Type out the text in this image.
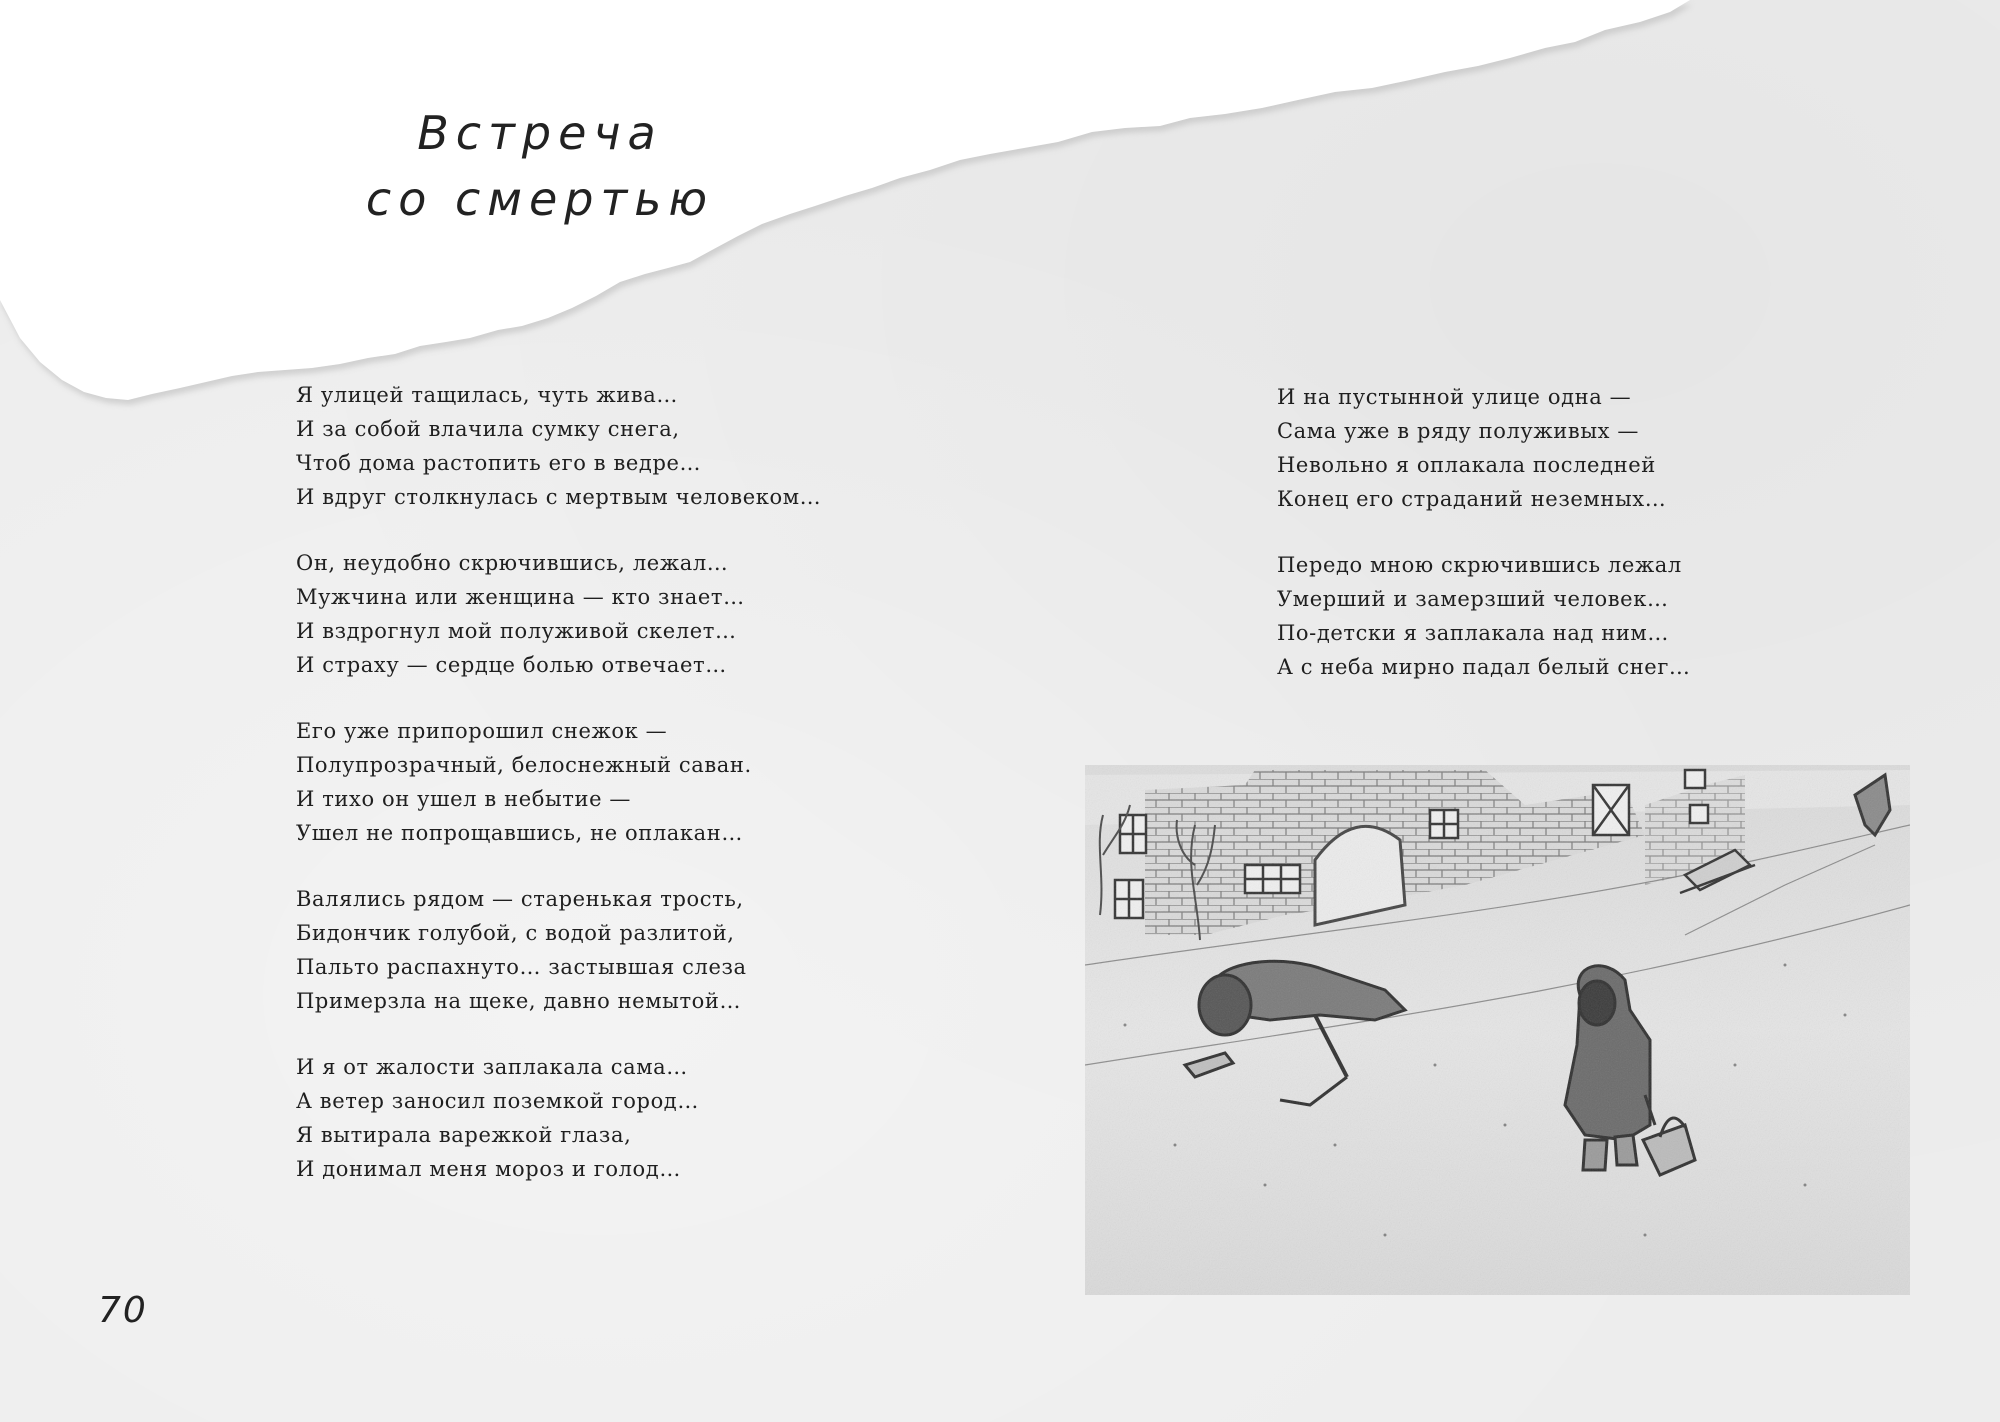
Встреча
со смертью
Я улицей тащилась, чуть жива…
И за собой влачила сумку снега,
Чтоб дома растопить его в ведре…
И вдруг столкнулась с мертвым человеком…
Он, неудобно скрючившись, лежал…
Мужчина или женщина — кто знает…
И вздрогнул мой полуживой скелет…
И страху — сердце болью отвечает…
Его уже припорошил снежок —
Полупрозрачный, белоснежный саван.
И тихо он ушел в небытие —
Ушел не попрощавшись, не оплакан…
Валялись рядом — старенькая трость,
Бидончик голубой, с водой разлитой,
Пальто распахнуто… застывшая слеза
Примерзла на щеке, давно немытой…
И я от жалости заплакала сама…
А ветер заносил поземкой город…
Я вытирала варежкой глаза,
И донимал меня мороз и голод…
И на пустынной улице одна —
Сама уже в ряду полуживых —
Невольно я оплакала последней
Конец его страданий неземных…
Передо мною скрючившись лежал
Умерший и замерзший человек…
По-детски я заплакала над ним…
А с неба мирно падал белый снег…
70
